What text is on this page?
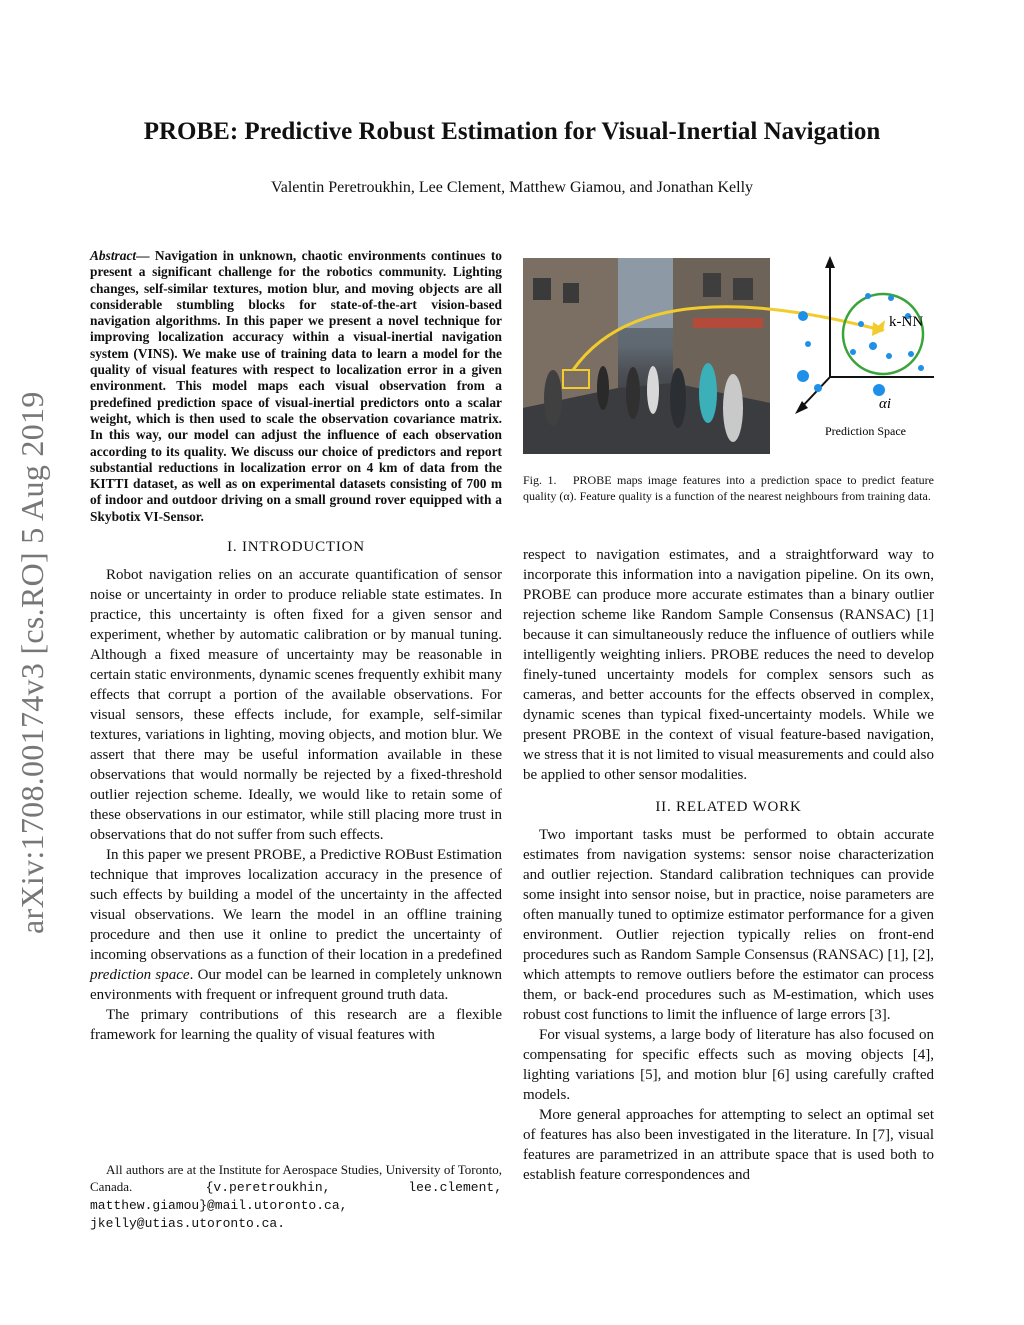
PROBE: Predictive Robust Estimation for Visual-Inertial Navigation
Valentin Peretroukhin, Lee Clement, Matthew Giamou, and Jonathan Kelly
arXiv:1708.00174v3 [cs.RO] 5 Aug 2019

Abstract— Navigation in unknown, chaotic environments continues to present a significant challenge for the robotics community. Lighting changes, self-similar textures, motion blur, and moving objects are all considerable stumbling blocks for state-of-the-art vision-based navigation algorithms. In this paper we present a novel technique for improving localization accuracy within a visual-inertial navigation system (VINS). We make use of training data to learn a model for the quality of visual features with respect to localization error in a given environment. This model maps each visual observation from a predefined prediction space of visual-inertial predictors onto a scalar weight, which is then used to scale the observation covariance matrix. In this way, our model can adjust the influence of each observation according to its quality. We discuss our choice of predictors and report substantial reductions in localization error on 4 km of data from the KITTI dataset, as well as on experimental datasets consisting of 700 m of indoor and outdoor driving on a small ground rover equipped with a Skybotix VI-Sensor.

I. INTRODUCTION

Robot navigation relies on an accurate quantification of sensor noise or uncertainty in order to produce reliable state estimates. In practice, this uncertainty is often fixed for a given sensor and experiment, whether by automatic calibration or by manual tuning. Although a fixed measure of uncertainty may be reasonable in certain static environments, dynamic scenes frequently exhibit many effects that corrupt a portion of the available observations. For visual sensors, these effects include, for example, self-similar textures, variations in lighting, moving objects, and motion blur. We assert that there may be useful information available in these observations that would normally be rejected by a fixed-threshold outlier rejection scheme. Ideally, we would like to retain some of these observations in our estimator, while still placing more trust in observations that do not suffer from such effects.

In this paper we present PROBE, a Predictive ROBust Estimation technique that improves localization accuracy in the presence of such effects by building a model of the uncertainty in the affected visual observations. We learn the model in an offline training procedure and then use it online to predict the uncertainty of incoming observations as a function of their location in a predefined prediction space. Our model can be learned in completely unknown environments with frequent or infrequent ground truth data.

The primary contributions of this research are a flexible framework for learning the quality of visual features with

All authors are at the Institute for Aerospace Studies, University of Toronto, Canada. {v.peretroukhin, lee.clement, matthew.giamou}@mail.utoronto.ca, jkelly@utias.utoronto.ca.
k-NN
αi
Prediction Space
Fig. 1. PROBE maps image features into a prediction space to predict feature quality (α). Feature quality is a function of the nearest neighbours from training data.

respect to navigation estimates, and a straightforward way to incorporate this information into a navigation pipeline. On its own, PROBE can produce more accurate estimates than a binary outlier rejection scheme like Random Sample Consensus (RANSAC) [1] because it can simultaneously reduce the influence of outliers while intelligently weighting inliers. PROBE reduces the need to develop finely-tuned uncertainty models for complex sensors such as cameras, and better accounts for the effects observed in complex, dynamic scenes than typical fixed-uncertainty models. While we present PROBE in the context of visual feature-based navigation, we stress that it is not limited to visual measurements and could also be applied to other sensor modalities.

II. RELATED WORK

Two important tasks must be performed to obtain accurate estimates from navigation systems: sensor noise characterization and outlier rejection. Standard calibration techniques can provide some insight into sensor noise, but in practice, noise parameters are often manually tuned to optimize estimator performance for a given environment. Outlier rejection typically relies on front-end procedures such as Random Sample Consensus (RANSAC) [1], [2], which attempts to remove outliers before the estimator can process them, or back-end procedures such as M-estimation, which uses robust cost functions to limit the influence of large errors [3].

For visual systems, a large body of literature has also focused on compensating for specific effects such as moving objects [4], lighting variations [5], and motion blur [6] using carefully crafted models.

More general approaches for attempting to select an optimal set of features has also been investigated in the literature. In [7], visual features are parametrized in an attribute space that is used both to establish feature correspondences and
